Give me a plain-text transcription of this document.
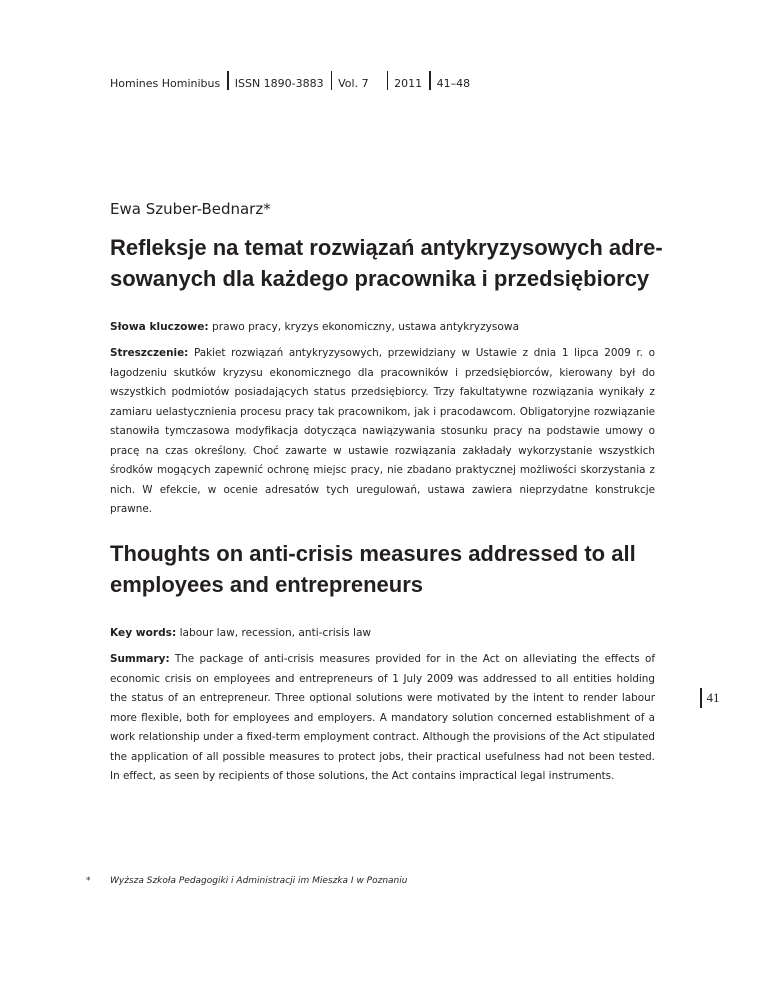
Homines Hominibus ISSN 1890-3883 Vol. 7 2011 41–48
Ewa Szuber-Bednarz*
Refleksje na temat rozwiązań antykryzysowych adre-
sowanych dla każdego pracownika i przedsiębiorcy
Słowa kluczowe: prawo pracy, kryzys ekonomiczny, ustawa antykryzysowa

Streszczenie: Pakiet rozwiązań antykryzysowych, przewidziany w Ustawie z dnia 1 lipca 2009 r. o łagodzeniu skutków kryzysu ekonomicznego dla pracowników i przedsiębiorców, kierowany był do wszystkich podmiotów posiadających status przedsiębiorcy. Trzy fakultatywne rozwiązania wynikały z zamiaru uelastycznienia procesu pracy tak pracownikom, jak i pracodawcom. Obligatoryjne rozwiązanie stanowiła tymczasowa modyfikacja dotycząca nawiązywania stosunku pracy na podstawie umowy o pracę na czas określony. Choć zawarte w ustawie rozwiązania zakładały wykorzystanie wszystkich środków mogących zapewnić ochronę miejsc pracy, nie zbadano praktycznej możliwości skorzystania z nich. W efekcie, w ocenie adresatów tych uregulowań, ustawa zawiera nieprzydatne konstrukcje prawne.

Thoughts on anti-crisis measures addressed to all
employees and entrepreneurs
Key words: labour law, recession, anti-crisis law

Summary: The package of anti-crisis measures provided for in the Act on alleviating the effects of economic crisis on employees and entrepreneurs of 1 July 2009 was addressed to all entities holding the status of an entrepreneur. Three optional solutions were motivated by the intent to render labour more flexible, both for employees and employers. A mandatory solution concerned establishment of a work relationship under a fixed-term employment contract. Although the provisions of the Act stipulated the application of all possible measures to protect jobs, their practical usefulness had not been tested. In effect, as seen by recipients of those solutions, the Act contains impractical legal instruments.

41
* Wyższa Szkoła Pedagogiki i Administracji im Mieszka I w Poznaniu
